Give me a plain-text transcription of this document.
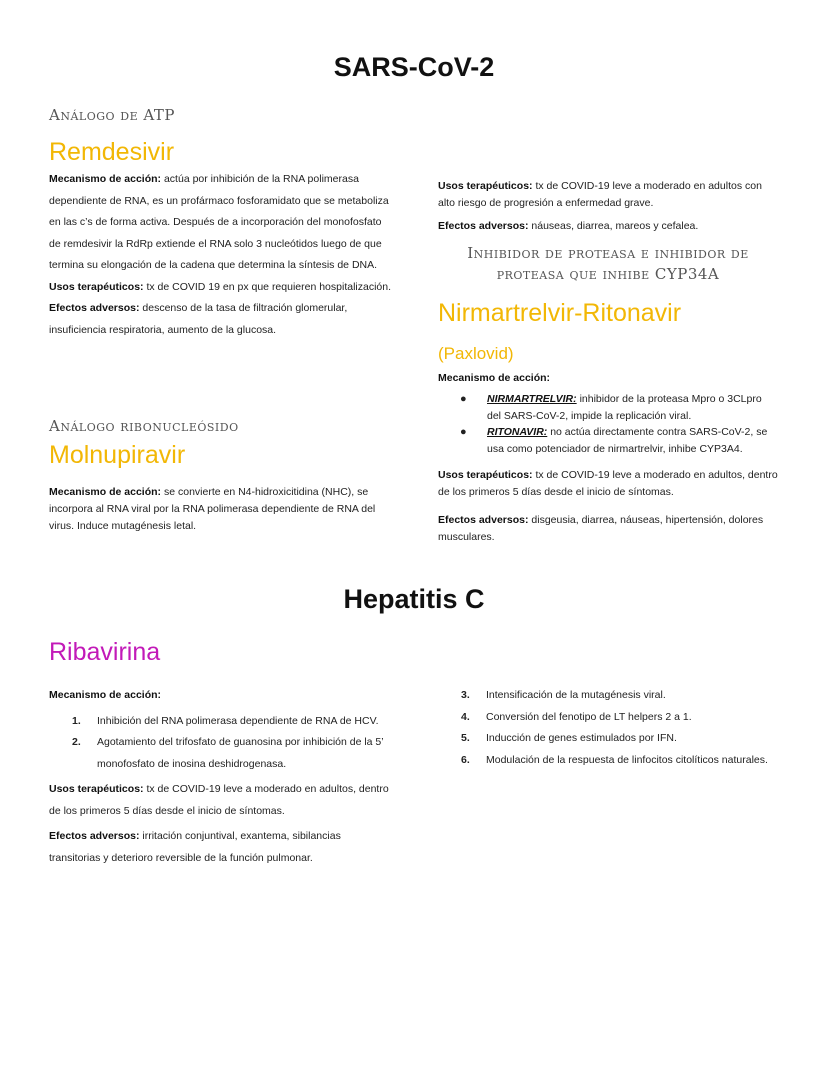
SARS-CoV-2

Análogo de ATP

Remdesivir

Mecanismo de acción: actúa por inhibición de la RNA polimerasa dependiente de RNA, es un profármaco fosforamidato que se metaboliza en las c’s de forma activa. Después de a incorporación del monofosfato de remdesivir la RdRp extiende el RNA solo 3 nucleótidos luego de que termina su elongación de la cadena que determina la síntesis de DNA.

Usos terapéuticos: tx de COVID 19 en px que requieren hospitalización.

Efectos adversos: descenso de la tasa de filtración glomerular, insuficiencia respiratoria, aumento de la glucosa.

Análogo ribonucleósido

Molnupiravir

Mecanismo de acción: se convierte en N4-hidroxicitidina (NHC), se incorpora al RNA viral por la RNA polimerasa dependiente de RNA del virus. Induce mutagénesis letal.

Usos terapéuticos: tx de COVID-19 leve a moderado en adultos con alto riesgo de progresión a enfermedad grave.

Efectos adversos: náuseas, diarrea, mareos y cefalea.

Inhibidor de proteasa e inhibidor de
proteasa que inhibe CYP34A
Nirmartrelvir-Ritonavir
(Paxlovid)

Mecanismo de acción:

● NIRMARTRELVIR: inhibidor de la proteasa Mpro o 3CLpro del SARS-CoV-2, impide la replicación viral.
● RITONAVIR: no actúa directamente contra SARS-CoV-2, se usa como potenciador de nirmartrelvir, inhibe CYP3A4.

Usos terapéuticos: tx de COVID-19 leve a moderado en adultos, dentro de los primeros 5 días desde el inicio de síntomas.

Efectos adversos: disgeusia, diarrea, náuseas, hipertensión, dolores musculares.

Hepatitis C
Ribavirina

Mecanismo de acción:

1. Inhibición del RNA polimerasa dependiente de RNA de HCV.
2. Agotamiento del trifosfato de guanosina por inhibición de la 5’ monofosfato de inosina deshidrogenasa.

Usos terapéuticos: tx de COVID-19 leve a moderado en adultos, dentro de los primeros 5 días desde el inicio de síntomas.

Efectos adversos: irritación conjuntival, exantema, sibilancias transitorias y deterioro reversible de la función pulmonar.

3. Intensificación de la mutagénesis viral.
4. Conversión del fenotipo de LT helpers 2 a 1.
5. Inducción de genes estimulados por IFN.
6. Modulación de la respuesta de linfocitos citolíticos naturales.
